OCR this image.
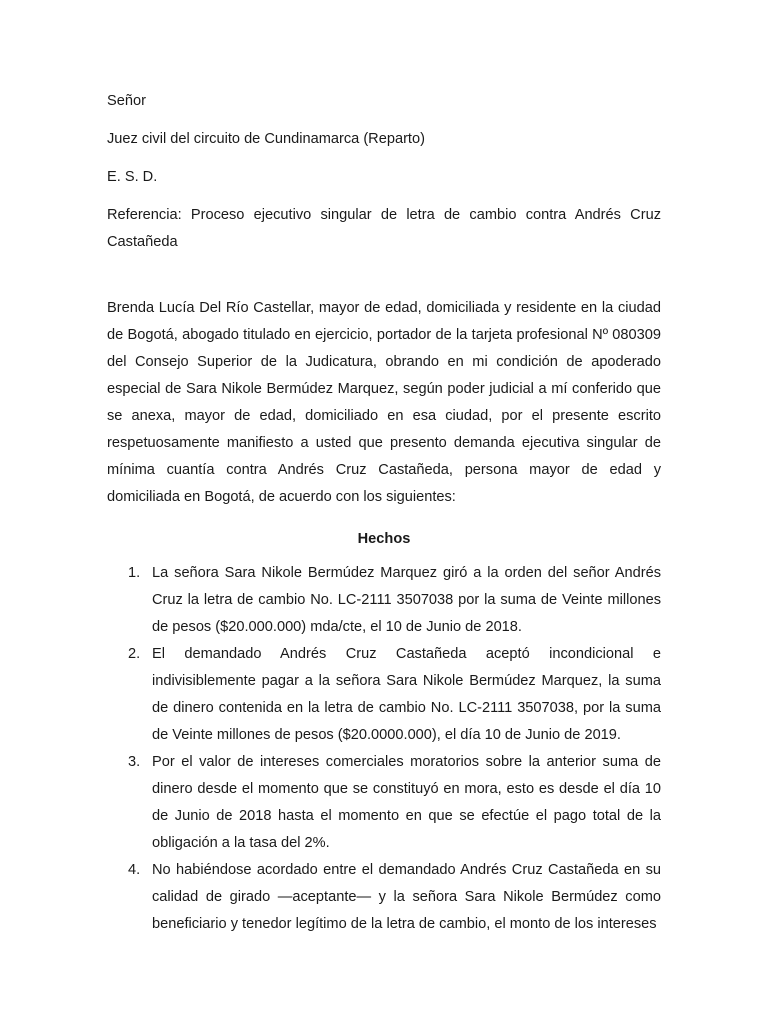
Señor

Juez civil del circuito de Cundinamarca (Reparto)

E. S. D.

Referencia: Proceso ejecutivo singular de letra de cambio contra Andrés Cruz Castañeda

Brenda Lucía Del Río Castellar, mayor de edad, domiciliada y residente en la ciudad de Bogotá, abogado titulado en ejercicio, portador de la tarjeta profesional Nº 080309 del Consejo Superior de la Judicatura, obrando en mi condición de apoderado especial de Sara Nikole Bermúdez Marquez, según poder judicial a mí conferido que se anexa, mayor de edad, domiciliado en esa ciudad, por el presente escrito respetuosamente manifiesto a usted que presento demanda ejecutiva singular de mínima cuantía contra Andrés Cruz Castañeda, persona mayor de edad y domiciliada en Bogotá, de acuerdo con los siguientes:

Hechos

1. La señora Sara Nikole Bermúdez Marquez giró a la orden del señor Andrés Cruz la letra de cambio No. LC-2111 3507038 por la suma de Veinte millones de pesos ($20.000.000) mda/cte, el 10 de Junio de 2018.
2. El demandado Andrés Cruz Castañeda aceptó incondicional e indivisiblemente pagar a la señora Sara Nikole Bermúdez Marquez, la suma de dinero contenida en la letra de cambio No. LC-2111 3507038, por la suma de Veinte millones de pesos ($20.0000.000), el día 10 de Junio de 2019.
3. Por el valor de intereses comerciales moratorios sobre la anterior suma de dinero desde el momento que se constituyó en mora, esto es desde el día 10 de Junio de 2018 hasta el momento en que se efectúe el pago total de la obligación a la tasa del 2%.
4. No habiéndose acordado entre el demandado Andrés Cruz Castañeda en su calidad de girado —aceptante— y la señora Sara Nikole Bermúdez como beneficiario y tenedor legítimo de la letra de cambio, el monto de los intereses
